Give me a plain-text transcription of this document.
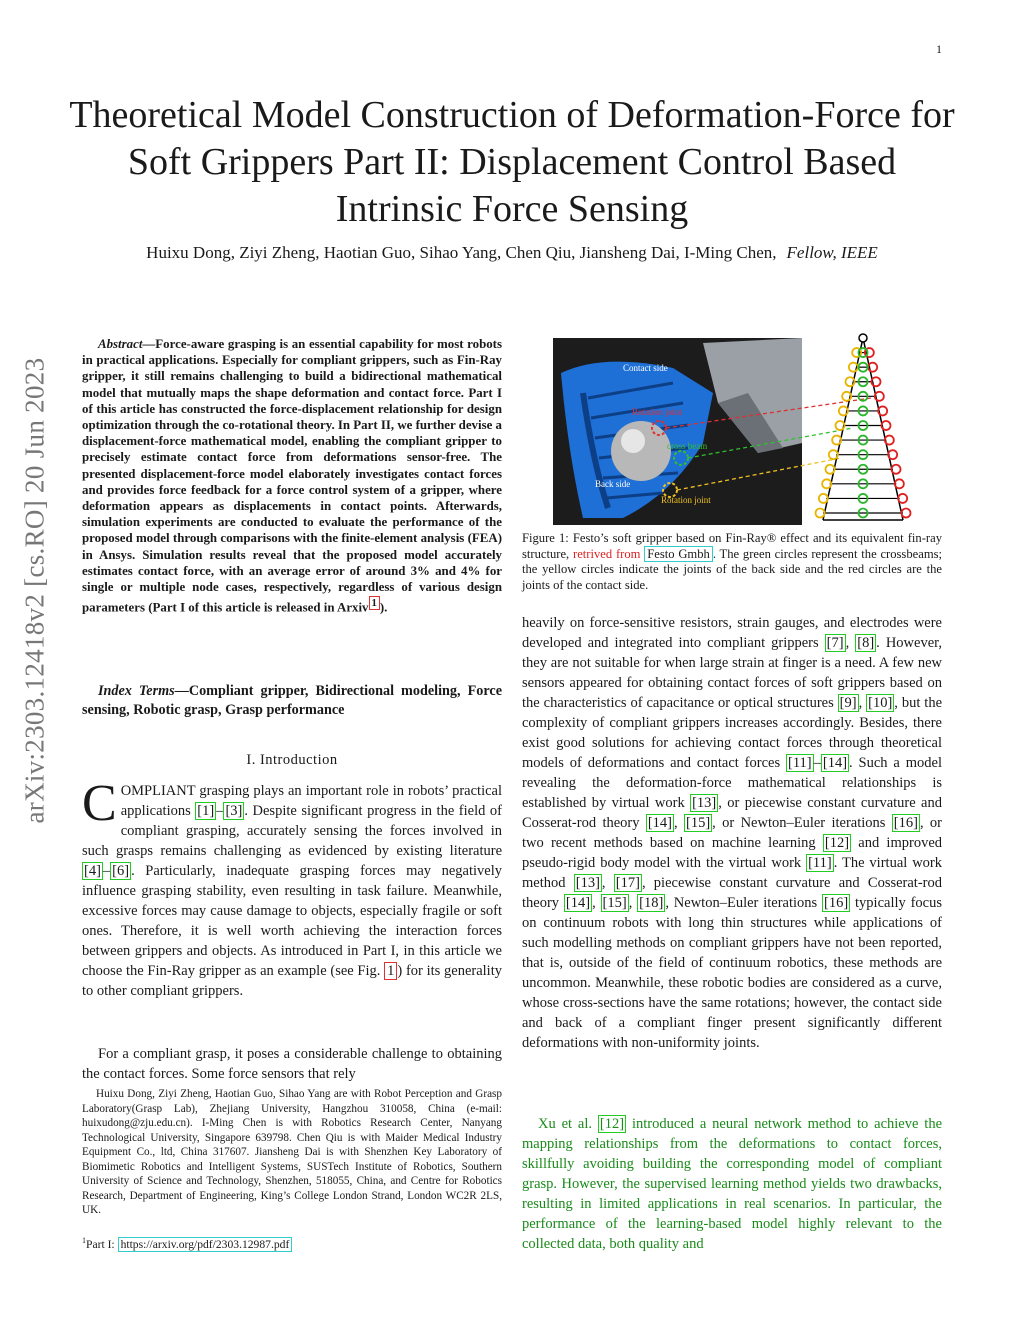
1
arXiv:2303.12418v2 [cs.RO] 20 Jun 2023
Theoretical Model Construction of Deformation-Force for Soft Grippers Part II: Displacement Control Based Intrinsic Force Sensing
Huixu Dong, Ziyi Zheng, Haotian Guo, Sihao Yang, Chen Qiu, Jiansheng Dai, I-Ming Chen, Fellow, IEEE
Abstract—Force-aware grasping is an essential capability for most robots in practical applications. Especially for compliant grippers, such as Fin-Ray gripper, it still remains challenging to build a bidirectional mathematical model that mutually maps the shape deformation and contact force. Part I of this article has constructed the force-displacement relationship for design optimization through the co-rotational theory. In Part II, we further devise a displacement-force mathematical model, enabling the compliant gripper to precisely estimate contact force from deformations sensor-free. The presented displacement-force model elaborately investigates contact forces and provides force feedback for a force control system of a gripper, where deformation appears as displacements in contact points. Afterwards, simulation experiments are conducted to evaluate the performance of the proposed model through comparisons with the finite-element analysis (FEA) in Ansys. Simulation results reveal that the proposed model accurately estimates contact force, with an average error of around 3% and 4% for single or multiple node cases, respectively, regardless of various design parameters (Part I of this article is released in Arxiv $^1$ ).
Index Terms—Compliant gripper, Bidirectional modeling, Force sensing, Robotic grasp, Grasp performance
I. Introduction
COMPLIANT grasping plays an important role in robots’ practical applications [1] – [3] . Despite significant progress in the field of compliant grasping, accurately sensing the forces involved in such grasps remains challenging as evidenced by existing literature [4] – [6] . Particularly, inadequate grasping forces may negatively influence grasping stability, even resulting in task failure. Meanwhile, excessive forces may cause damage to objects, especially fragile or soft ones. Therefore, it is well worth achieving the interaction forces between grippers and objects. As introduced in Part I, in this article we choose the Fin-Ray gripper as an example (see Fig. 1 ) for its generality to other compliant grippers.
For a compliant grasp, it poses a considerable challenge to obtaining the contact forces. Some force sensors that rely
Huixu Dong, Ziyi Zheng, Haotian Guo, Sihao Yang are with Robot Perception and Grasp Laboratory(Grasp Lab), Zhejiang University, Hangzhou 310058, China (e-mail: huixudong@zju.edu.cn). I-Ming Chen is with Robotics Research Center, Nanyang Technological University, Singapore 639798. Chen Qiu is with Maider Medical Industry Equipment Co., ltd, China 317607. Jiansheng Dai is with Shenzhen Key Laboratory of Biomimetic Robotics and Intelligent Systems, SUSTech Institute of Robotics, Southern University of Science and Technology, Shenzhen, 518055, China, and Centre for Robotics Research, Department of Engineering, King’s College London Strand, London WC2R 2LS, UK.
$^1$Part I: https://arxiv.org/pdf/2303.12987.pdf
Contact side
Rotation joint
cross beam
Back side
Rotation joint
Figure 1: Festo’s soft gripper based on Fin-Ray® effect and its equivalent fin-ray structure, retrived from Festo Gmbh . The green circles represent the crossbeams; the yellow circles indicate the joints of the back side and the red circles are the joints of the contact side.
heavily on force-sensitive resistors, strain gauges, and electrodes were developed and integrated into compliant grippers [7] , [8] . However, they are not suitable for when large strain at finger is a need. A few new sensors appeared for obtaining contact forces of soft grippers based on the characteristics of capacitance or optical structures [9] , [10] , but the complexity of compliant grippers increases accordingly. Besides, there exist good solutions for achieving contact forces through theoretical models of deformations and contact forces [11] – [14] . Such a model revealing the deformation-force mathematical relationships is established by virtual work [13] , or piecewise constant curvature and Cosserat-rod theory [14] , [15] , or Newton–Euler iterations [16] , or two recent methods based on machine learning [12] and improved pseudo-rigid body model with the virtual work [11] . The virtual work method [13] , [17] , piecewise constant curvature and Cosserat-rod theory [14] , [15] , [18] , Newton–Euler iterations [16] typically focus on continuum robots with long thin structures while applications of such modelling methods on compliant grippers have not been reported, that is, outside of the field of continuum robotics, these methods are uncommon. Meanwhile, these robotic bodies are considered as a curve, whose cross-sections have the same rotations; however, the contact side and back of a compliant finger present significantly different deformations with non-uniformity joints.
Xu et al. [12] introduced a neural network method to achieve the mapping relationships from the deformations to contact forces, skillfully avoiding building the corresponding model of compliant grasp. However, the supervised learning method yields two drawbacks, resulting in limited applications in real scenarios. In particular, the performance of the learning-based model highly relevant to the collected data, both quality and
